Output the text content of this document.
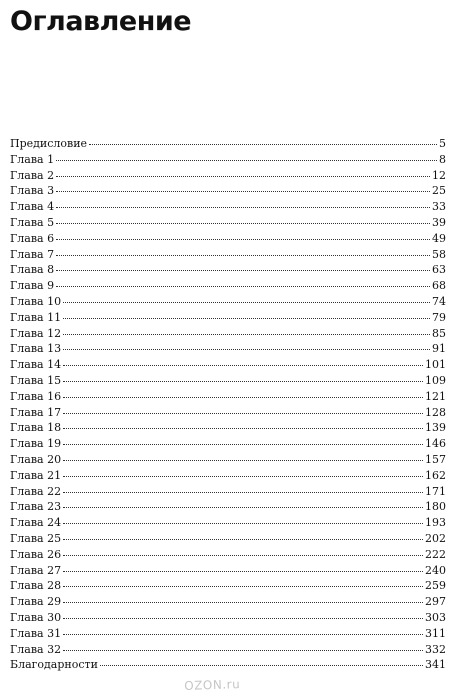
Оглавление
Предисловие	5
Глава 1	8
Глава 2	12
Глава 3	25
Глава 4	33
Глава 5	39
Глава 6	49
Глава 7	58
Глава 8	63
Глава 9	68
Глава 10	74
Глава 11	79
Глава 12	85
Глава 13	91
Глава 14	101
Глава 15	109
Глава 16	121
Глава 17	128
Глава 18	139
Глава 19	146
Глава 20	157
Глава 21	162
Глава 22	171
Глава 23	180
Глава 24	193
Глава 25	202
Глава 26	222
Глава 27	240
Глава 28	259
Глава 29	297
Глава 30	303
Глава 31	311
Глава 32	332
Благодарности	341
OZON.ru
